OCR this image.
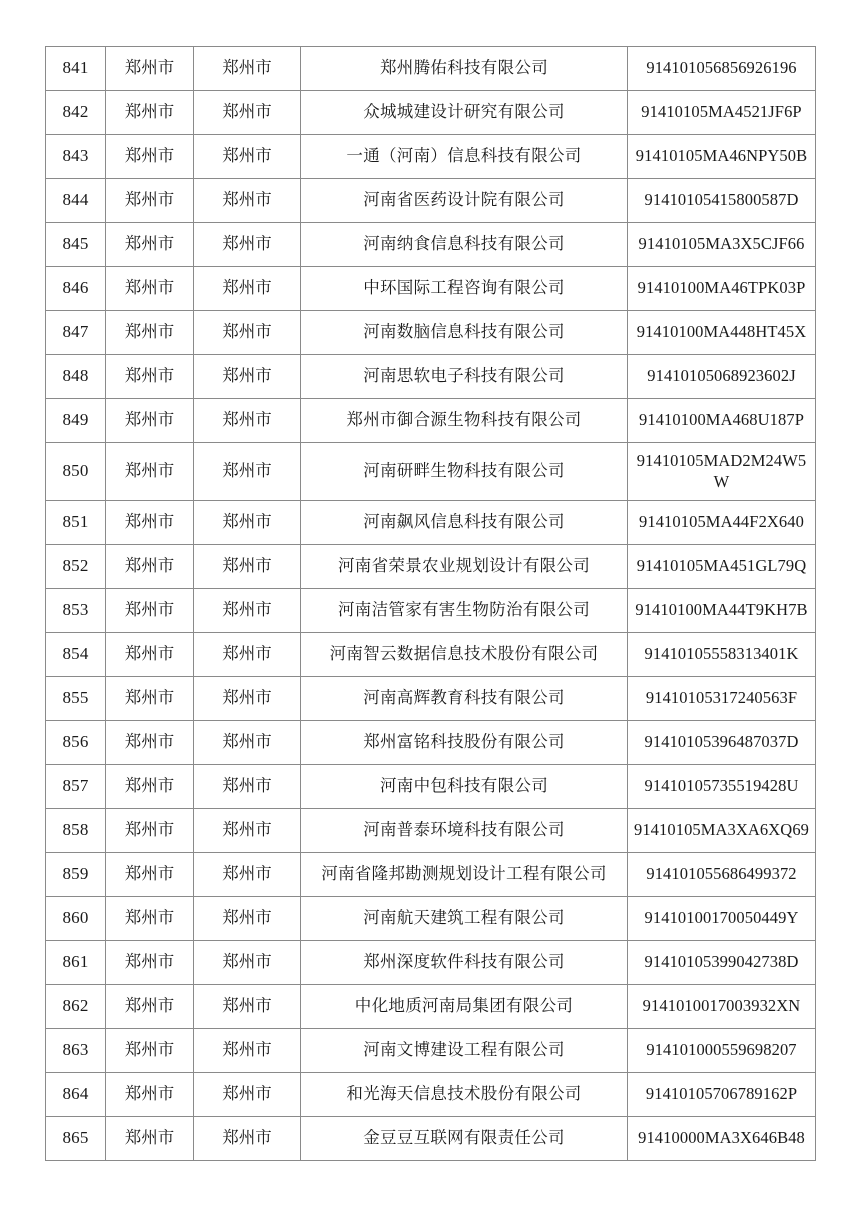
841	郑州市	郑州市	郑州腾佑科技有限公司	914101056856926196
842	郑州市	郑州市	众城城建设计研究有限公司	91410105MA4521JF6P
843	郑州市	郑州市	一通（河南）信息科技有限公司	91410105MA46NPY50B
844	郑州市	郑州市	河南省医药设计院有限公司	91410105415800587D
845	郑州市	郑州市	河南纳食信息科技有限公司	91410105MA3X5CJF66
846	郑州市	郑州市	中环国际工程咨询有限公司	91410100MA46TPK03P
847	郑州市	郑州市	河南数脑信息科技有限公司	91410100MA448HT45X
848	郑州市	郑州市	河南思软电子科技有限公司	91410105068923602J
849	郑州市	郑州市	郑州市御合源生物科技有限公司	91410100MA468U187P
850	郑州市	郑州市	河南研畔生物科技有限公司	91410105MAD2M24W5W
851	郑州市	郑州市	河南飙风信息科技有限公司	91410105MA44F2X640
852	郑州市	郑州市	河南省荣景农业规划设计有限公司	91410105MA451GL79Q
853	郑州市	郑州市	河南洁管家有害生物防治有限公司	91410100MA44T9KH7B
854	郑州市	郑州市	河南智云数据信息技术股份有限公司	91410105558313401K
855	郑州市	郑州市	河南高辉教育科技有限公司	91410105317240563F
856	郑州市	郑州市	郑州富铭科技股份有限公司	91410105396487037D
857	郑州市	郑州市	河南中包科技有限公司	91410105735519428U
858	郑州市	郑州市	河南普泰环境科技有限公司	91410105MA3XA6XQ69
859	郑州市	郑州市	河南省隆邦勘测规划设计工程有限公司	914101055686499372
860	郑州市	郑州市	河南航天建筑工程有限公司	91410100170050449Y
861	郑州市	郑州市	郑州深度软件科技有限公司	91410105399042738D
862	郑州市	郑州市	中化地质河南局集团有限公司	9141010017003932XN
863	郑州市	郑州市	河南文博建设工程有限公司	914101000559698207
864	郑州市	郑州市	和光海天信息技术股份有限公司	91410105706789162P
865	郑州市	郑州市	金豆豆互联网有限责任公司	91410000MA3X646B48
